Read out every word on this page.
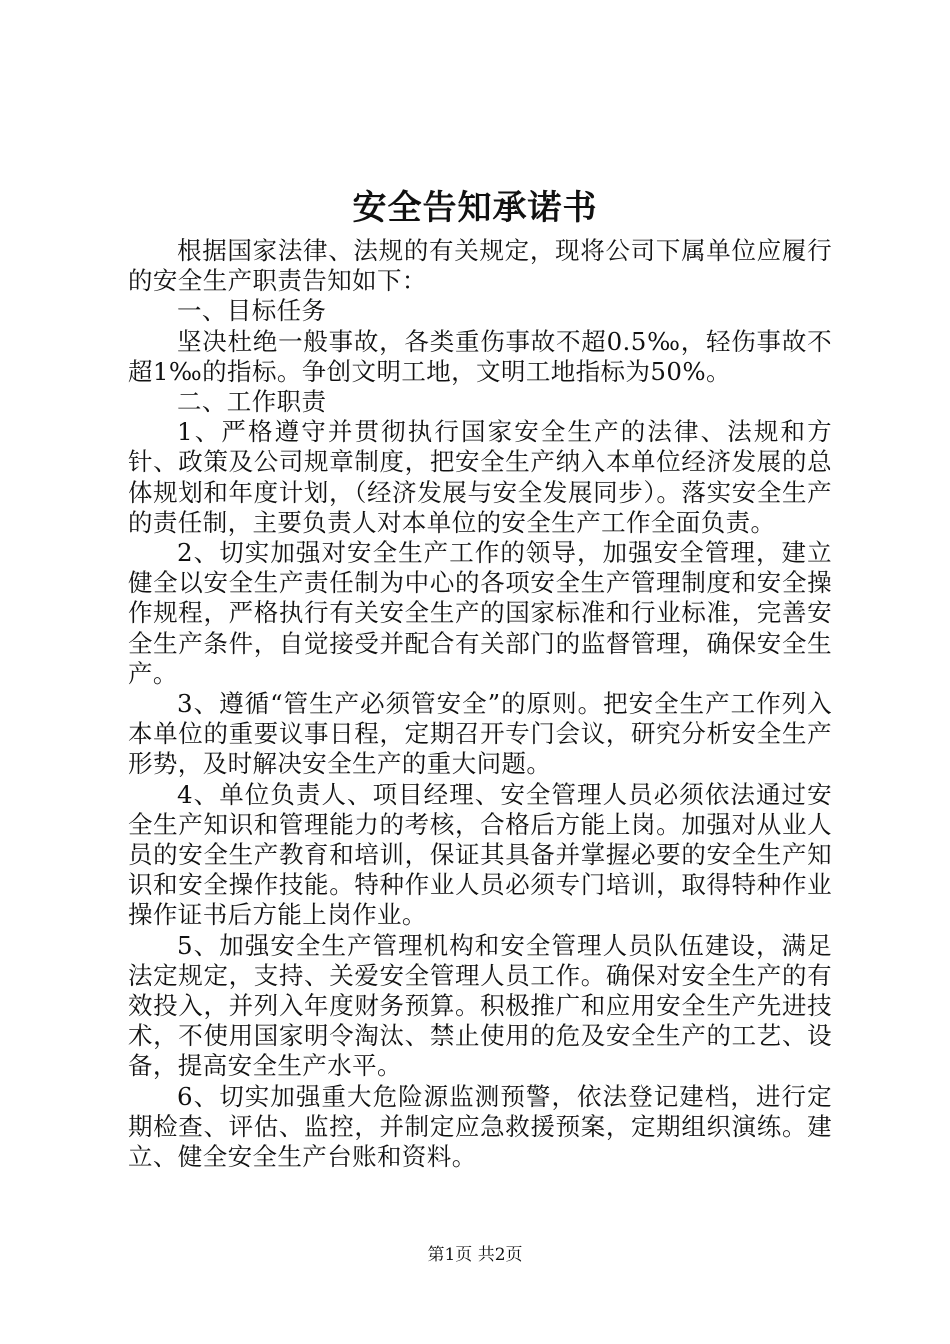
安全告知承诺书

根据国家法律、法规的有关规定，现将公司下属单位应履行的安全生产职责告知如下：

一、目标任务

坚决杜绝一般事故，各类重伤事故不超0.5‰，轻伤事故不超1‰的指标。争创文明工地，文明工地指标为50%。

二、工作职责

1、严格遵守并贯彻执行国家安全生产的法律、法规和方针、政策及公司规章制度，把安全生产纳入本单位经济发展的总体规划和年度计划，（经济发展与安全发展同步）。落实安全生产的责任制，主要负责人对本单位的安全生产工作全面负责。

2、切实加强对安全生产工作的领导，加强安全管理，建立健全以安全生产责任制为中心的各项安全生产管理制度和安全操作规程，严格执行有关安全生产的国家标准和行业标准，完善安全生产条件，自觉接受并配合有关部门的监督管理，确保安全生产。

3、遵循“管生产必须管安全”的原则。把安全生产工作列入本单位的重要议事日程，定期召开专门会议，研究分析安全生产形势，及时解决安全生产的重大问题。

4、单位负责人、项目经理、安全管理人员必须依法通过安全生产知识和管理能力的考核，合格后方能上岗。加强对从业人员的安全生产教育和培训，保证其具备并掌握必要的安全生产知识和安全操作技能。特种作业人员必须专门培训，取得特种作业操作证书后方能上岗作业。

5、加强安全生产管理机构和安全管理人员队伍建设，满足法定规定，支持、关爱安全管理人员工作。确保对安全生产的有效投入，并列入年度财务预算。积极推广和应用安全生产先进技术，不使用国家明令淘汰、禁止使用的危及安全生产的工艺、设备，提高安全生产水平。

6、切实加强重大危险源监测预警，依法登记建档，进行定期检查、评估、监控，并制定应急救援预案，定期组织演练。建立、健全安全生产台账和资料。

第1页 共2页
